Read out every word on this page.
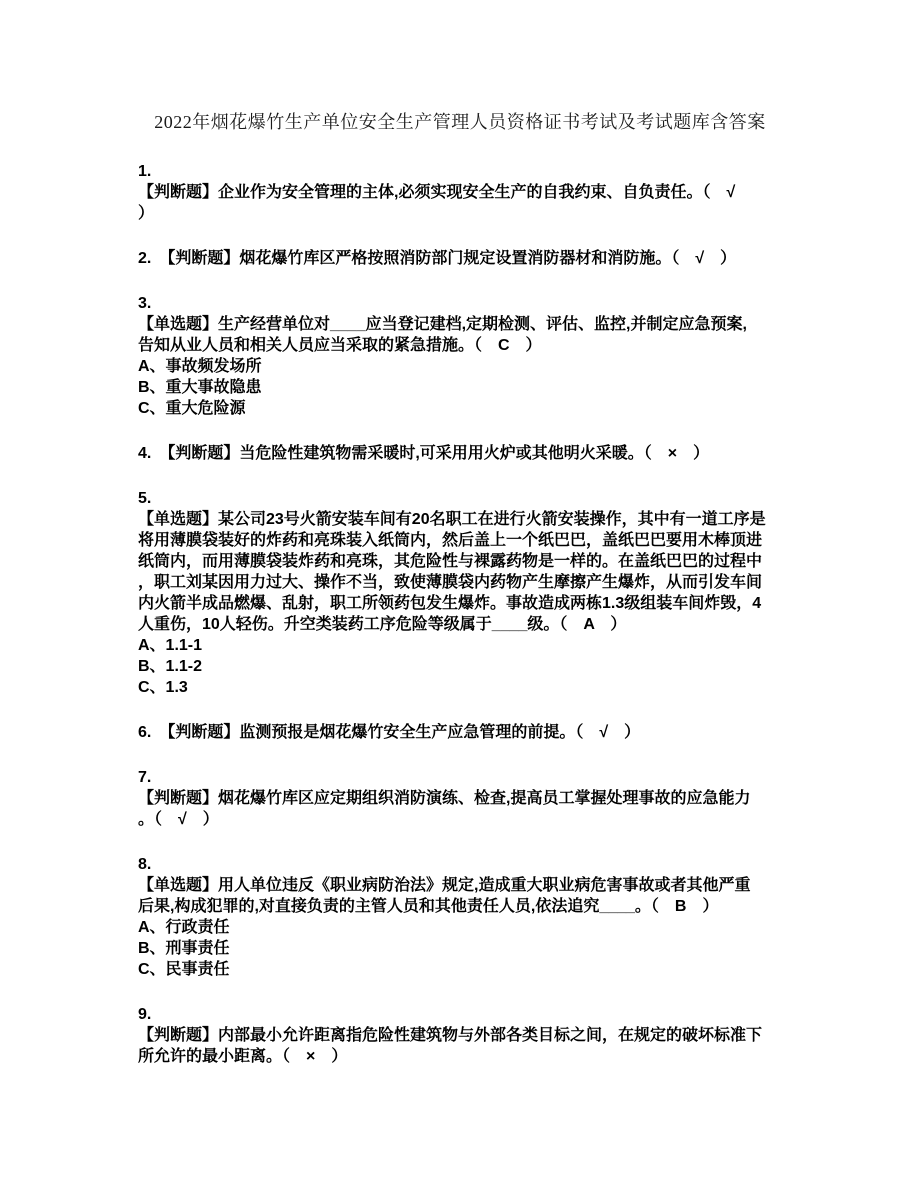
2022年烟花爆竹生产单位安全生产管理人员资格证书考试及考试题库含答案
1.
【判断题】企业作为安全管理的主体,必须实现安全生产的自我约束、自负责任。（　√
）
2.　【判断题】烟花爆竹库区严格按照消防部门规定设置消防器材和消防施。（　√　）
3.
【单选题】生产经营单位对____应当登记建档,定期检测、评估、监控,并制定应急预案,
告知从业人员和相关人员应当采取的紧急措施。（　C　）
A、事故频发场所
B、重大事故隐患
C、重大危险源
4.　【判断题】当危险性建筑物需采暖时,可采用用火炉或其他明火采暖。（　×　）
5.
【单选题】某公司23号火箭安装车间有20名职工在进行火箭安装操作，其中有一道工序是
将用薄膜袋装好的炸药和亮珠装入纸筒内，然后盖上一个纸巴巴，盖纸巴巴要用木棒顶进
纸筒内，而用薄膜袋装炸药和亮珠，其危险性与裸露药物是一样的。在盖纸巴巴的过程中
，职工刘某因用力过大、操作不当，致使薄膜袋内药物产生摩擦产生爆炸，从而引发车间
内火箭半成品燃爆、乱射，职工所领药包发生爆炸。事故造成两栋1.3级组装车间炸毁，4
人重伤，10人轻伤。升空类装药工序危险等级属于____级。（　A　）
A、1.1-1
B、1.1-2
C、1.3
6.　【判断题】监测预报是烟花爆竹安全生产应急管理的前提。（　√　）
7.
【判断题】烟花爆竹库区应定期组织消防演练、检查,提高员工掌握处理事故的应急能力
。（　√　）
8.
【单选题】用人单位违反《职业病防治法》规定,造成重大职业病危害事故或者其他严重
后果,构成犯罪的,对直接负责的主管人员和其他责任人员,依法追究____。（　B　）
A、行政责任
B、刑事责任
C、民事责任
9.
【判断题】内部最小允许距离指危险性建筑物与外部各类目标之间，在规定的破坏标准下
所允许的最小距离。（　×　）
